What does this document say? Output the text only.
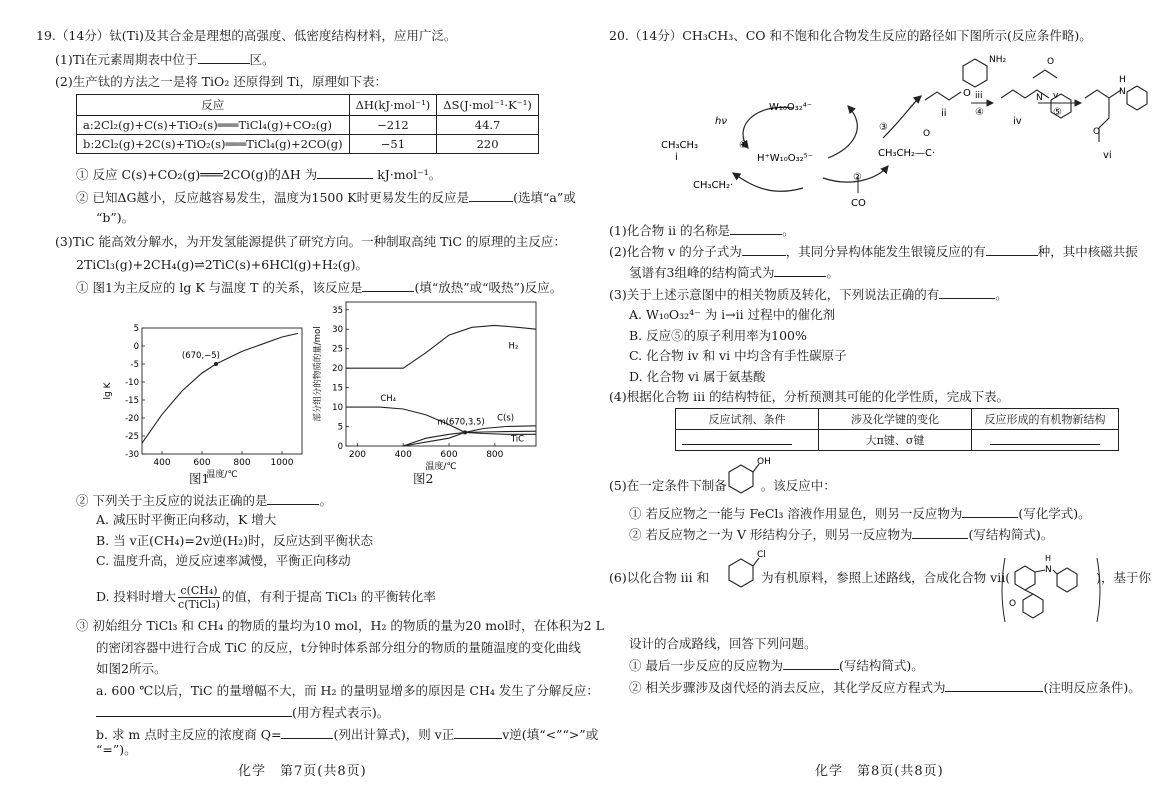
19.（14分）钛(Ti)及其合金是理想的高强度、低密度结构材料，应用广泛。
(1)Ti在元素周期表中位于	区。
(2)生产钛的方法之一是将 TiO₂ 还原得到 Ti，原理如下表：
反应	ΔH(kJ·mol⁻¹)	ΔS(J·mol⁻¹·K⁻¹)
a:2Cl₂(g)+C(s)+TiO₂(s)═══TiCl₄(g)+CO₂(g)	−212	44.7
b:2Cl₂(g)+2C(s)+TiO₂(s)═══TiCl₄(g)+2CO(g)	−51	220
① 反应 C(s)+CO₂(g)═══2CO(g)的ΔH 为	kJ·mol⁻¹。
② 已知ΔG越小，反应越容易发生，温度为1500 K时更易发生的反应是	(选填“a”或
“b”)。
(3)TiC 能高效分解水，为开发氢能源提供了研究方向。一种制取高纯 TiC 的原理的主反应：
2TiCl₃(g)+2CH₄(g)⇌2TiC(s)+6HCl(g)+H₂(g)。
① 图1为主反应的 lg K 与温度 T 的关系，该反应是	(填“放热”或“吸热”)反应。
400	600	800 1000
5
0
-5
-10
-15
-20
-25
-30
温度/℃
lg K
(670,−5)
图1
200	400	600	800
0
5
10
15
20
25
30
35
温度/℃
部分组分的物质的量/mol	H₂
CH₄
C(s)
TiC
m(670,3.5)
图2
② 下列关于主反应的说法正确的是	。
A. 减压时平衡正向移动，K 增大
B. 当 v正(CH₄)=2v逆(H₂)时，反应达到平衡状态
C. 温度升高，逆反应速率减慢，平衡正向移动
D. 投料时增大 c(CH₄)
c(TiCl₃)
的值，有利于提高 TiCl₃ 的平衡转化率
③ 初始组分 TiCl₃ 和 CH₄ 的物质的量均为10 mol，H₂ 的物质的量为20 mol时，在体积为2 L
的密闭容器中进行合成 TiC 的反应，t分钟时体系部分组分的物质的量随温度的变化曲线
如图2所示。
a. 600 ℃以后，TiC 的量增幅不大，而 H₂ 的量明显增多的原因是 CH₄ 发生了分解反应：
(用方程式表示)。
b. 求 m 点时主反应的浓度商 Q=	(列出计算式)，则 v正	v逆(填“<”“>”或
“=”)。
化学　第7页(共8页)
20.（14分）CH₃CH₃、CO 和不饱和化合物发生反应的路径如下图所示(反应条件略)。
W₁₀O₃₂⁴⁻
hν
①
CH₃CH₃
i	H⁺W₁₀O₃₂⁵⁻
CH₃CH₂·
②
CO
CH₃CH₂—C·
O
③
O
ii
NH₂
iii
④
N
iv
O
v
⑤
H
N
O
vi
(1)化合物 ii 的名称是	。
(2)化合物 v 的分子式为	，其同分异构体能发生银镜反应的有	种，其中核磁共振
氢谱有3组峰的结构简式为	。
(3)关于上述示意图中的相关物质及转化，下列说法正确的有	。
A. W₁₀O₃₂⁴⁻ 为 i→ii 过程中的催化剂
B. 反应⑤的原子利用率为100%
C. 化合物 iv 和 vi 中均含有手性碳原子
D. 化合物 vi 属于氨基酸
(4)根据化合物 iii 的结构特征，分析预测其可能的化学性质，完成下表。
反应试剂、条件	涉及化学键的变化	反应形成的有机物新结构
	大π键、σ键	
(5)在一定条件下制备	。该反应中：
OH
① 若反应物之一能与 FeCl₃ 溶液作用显色，则另一反应物为	(写化学式)。
② 若反应物之一为 V 形结构分子，则另一反应物为	(写结构简式)。
(6)以化合物 iii 和	为有机原料，参照上述路线，合成化合物 vii(	)，基于你
Cl	H
N
O
设计的合成路线，回答下列问题。
① 最后一步反应的反应物为	(写结构简式)。
② 相关步骤涉及卤代烃的消去反应，其化学反应方程式为	(注明反应条件)。
化学　第8页(共8页)
